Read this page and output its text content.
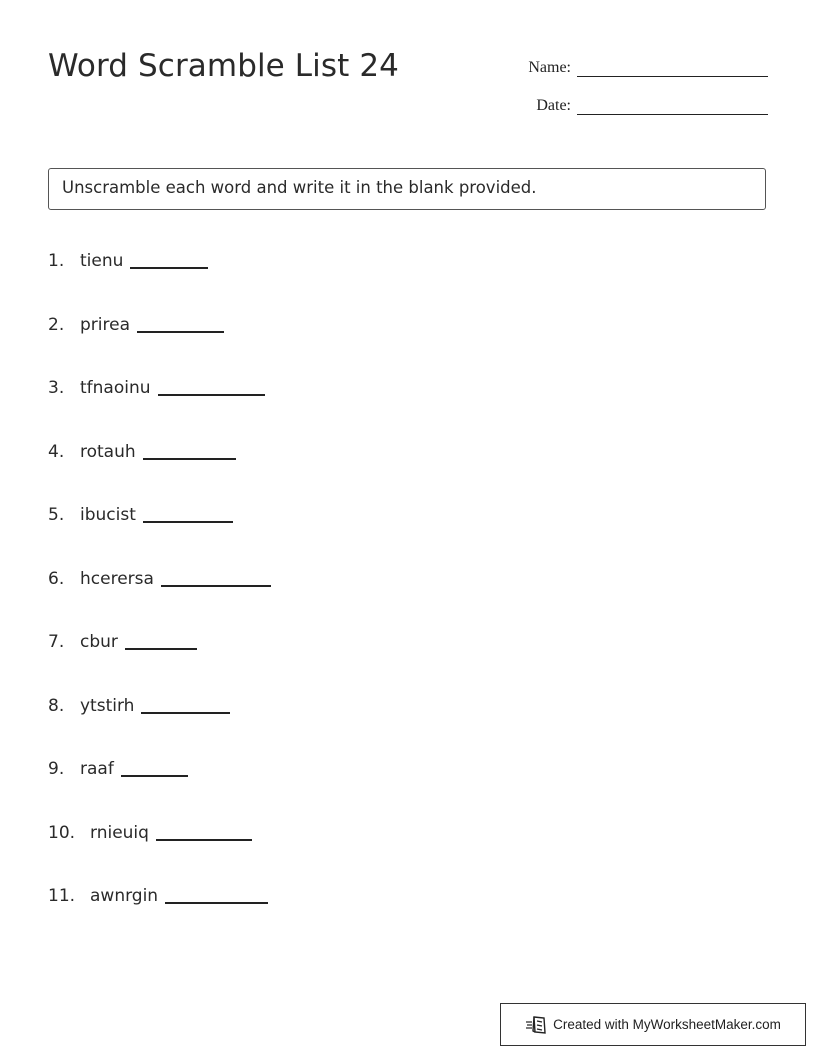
Word Scramble List 24	Name:
Date:
Unscramble each word and write it in the blank provided.
1. tienu
2. prirea
3. tfnaoinu
4. rotauh
5. ibucist
6. hcerersa
7. cbur
8. ytstirh
9. raaf
10. rnieuiq
11. awnrgin
Created with MyWorksheetMaker.com
